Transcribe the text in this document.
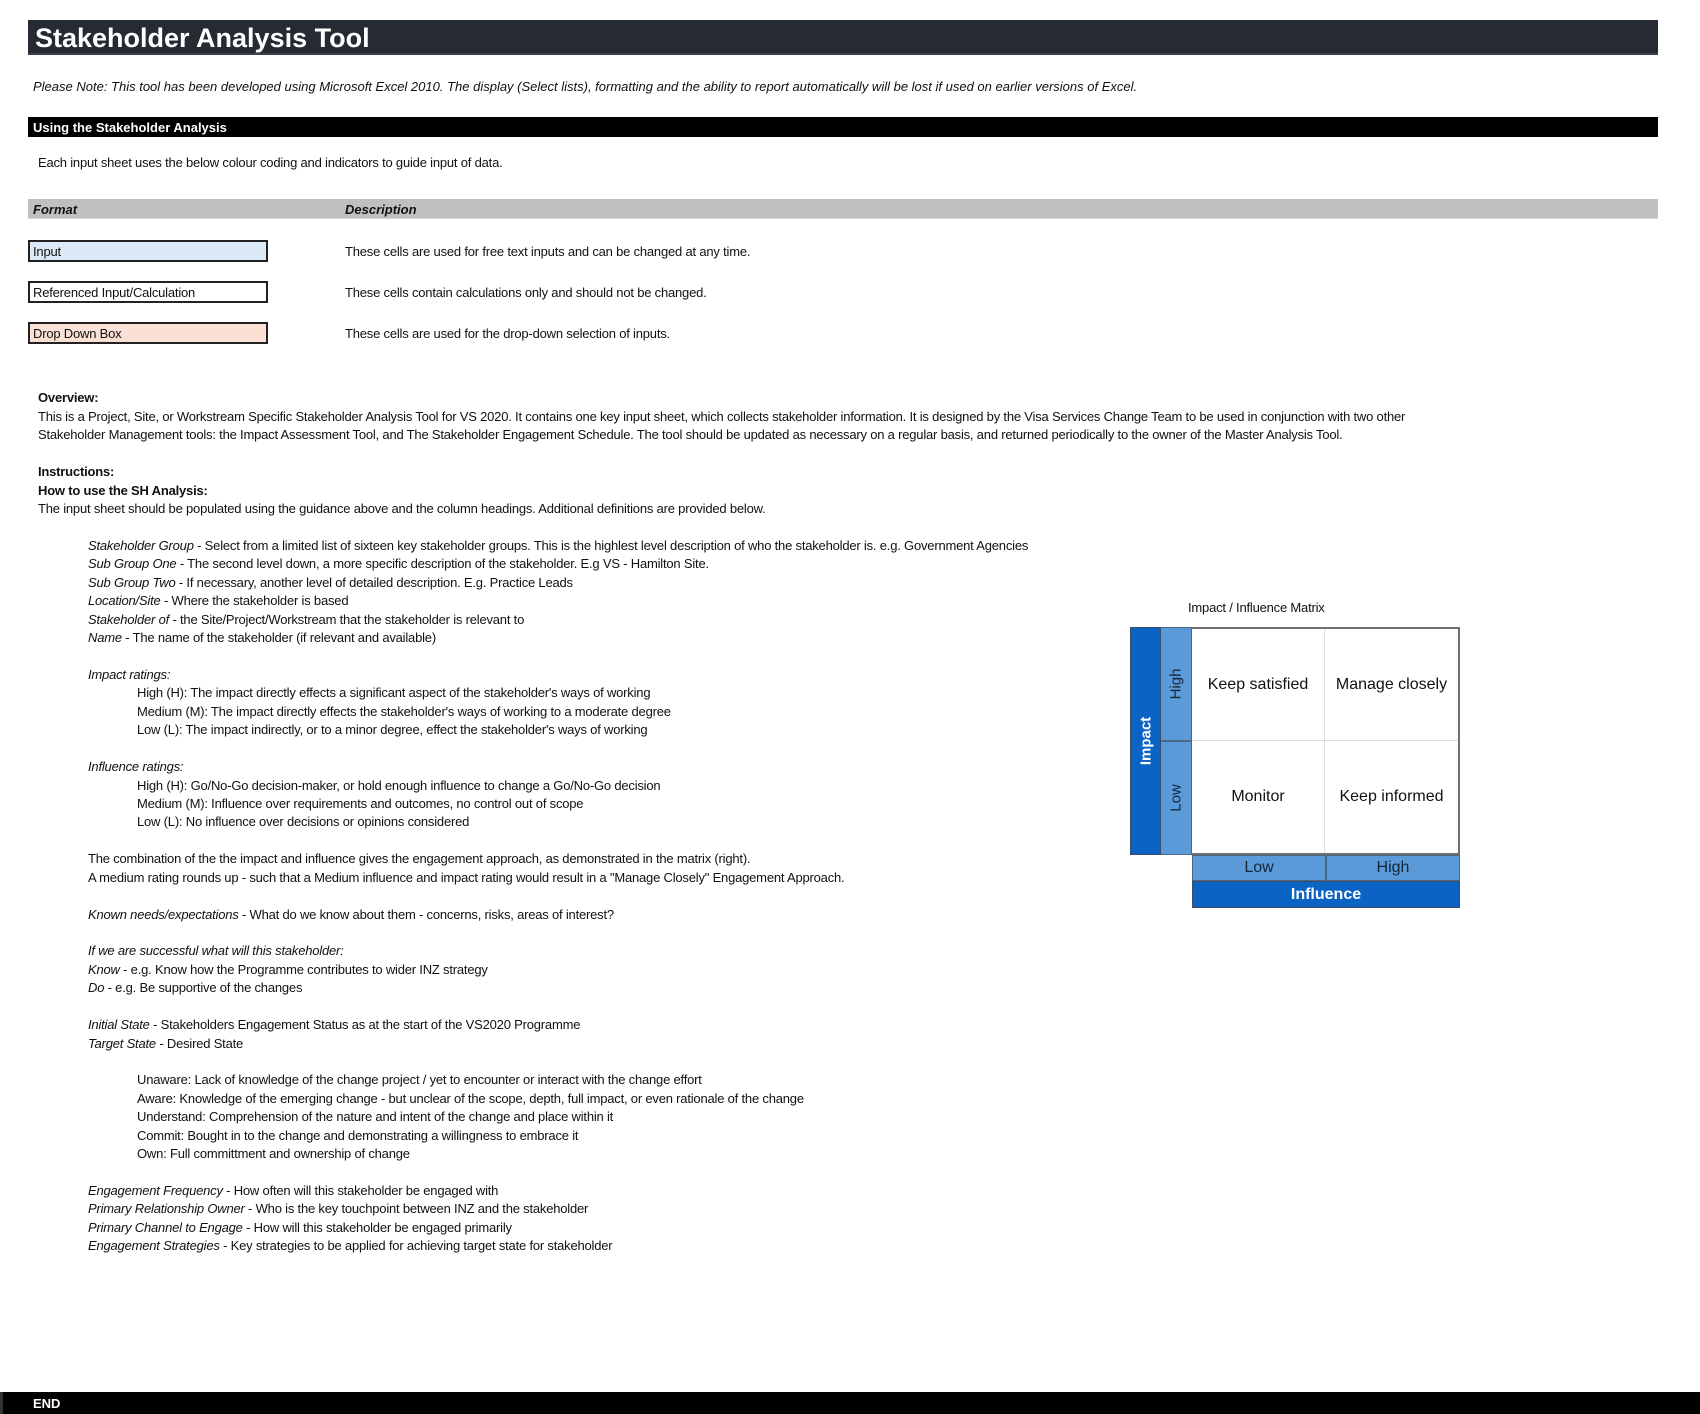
Stakeholder Analysis Tool
Please Note: This tool has been developed using Microsoft Excel 2010. The display (Select lists), formatting and the ability to report automatically will be lost if used on earlier versions of Excel.
Using the Stakeholder Analysis
Each input sheet uses the below colour coding and indicators to guide input of data.
Format	Description
Input	These cells are used for free text inputs and can be changed at any time.
Referenced Input/Calculation	These cells contain calculations only and should not be changed.
Drop Down Box	These cells are used for the drop-down selection of inputs.
Overview:
This is a Project, Site, or Workstream Specific Stakeholder Analysis Tool for VS 2020. It contains one key input sheet, which collects stakeholder information. It is designed by the Visa Services Change Team to be used in conjunction with two other
Stakeholder Management tools: the Impact Assessment Tool, and The Stakeholder Engagement Schedule. The tool should be updated as necessary on a regular basis, and returned periodically to the owner of the Master Analysis Tool.
Instructions:
How to use the SH Analysis:
The input sheet should be populated using the guidance above and the column headings. Additional definitions are provided below.
Stakeholder Group - Select from a limited list of sixteen key stakeholder groups. This is the highlest level description of who the stakeholder is. e.g. Government Agencies
Sub Group One - The second level down, a more specific description of the stakeholder. E.g VS - Hamilton Site.
Sub Group Two - If necessary, another level of detailed description. E.g. Practice Leads
Location/Site - Where the stakeholder is based
Stakeholder of - the Site/Project/Workstream that the stakeholder is relevant to
Name - The name of the stakeholder (if relevant and available)
Impact ratings:
High (H): The impact directly effects a significant aspect of the stakeholder's ways of working
Medium (M): The impact directly effects the stakeholder's ways of working to a moderate degree
Low (L): The impact indirectly, or to a minor degree, effect the stakeholder's ways of working
Influence ratings:
High (H): Go/No-Go decision-maker, or hold enough influence to change a Go/No-Go decision
Medium (M): Influence over requirements and outcomes, no control out of scope
Low (L): No influence over decisions or opinions considered
The combination of the the impact and influence gives the engagement approach, as demonstrated in the matrix (right).
A medium rating rounds up - such that a Medium influence and impact rating would result in a "Manage Closely" Engagement Approach.
Known needs/expectations - What do we know about them - concerns, risks, areas of interest?
If we are successful what will this stakeholder:
Know - e.g. Know how the Programme contributes to wider INZ strategy
Do - e.g. Be supportive of the changes
Initial State - Stakeholders Engagement Status as at the start of the VS2020 Programme
Target State - Desired State
Unaware: Lack of knowledge of the change project / yet to encounter or interact with the change effort
Aware: Knowledge of the emerging change - but unclear of the scope, depth, full impact, or even rationale of the change
Understand: Comprehension of the nature and intent of the change and place within it
Commit: Bought in to the change and demonstrating a willingness to embrace it
Own: Full committment and ownership of change
Engagement Frequency - How often will this stakeholder be engaged with
Primary Relationship Owner - Who is the key touchpoint between INZ and the stakeholder
Primary Channel to Engage - How will this stakeholder be engaged primarily
Engagement Strategies - Key strategies to be applied for achieving target state for stakeholder
Impact / Influence Matrix
Impact
High
Low
Keep satisfied	Manage closely
Monitor	Keep informed
Low	High
Influence
END
